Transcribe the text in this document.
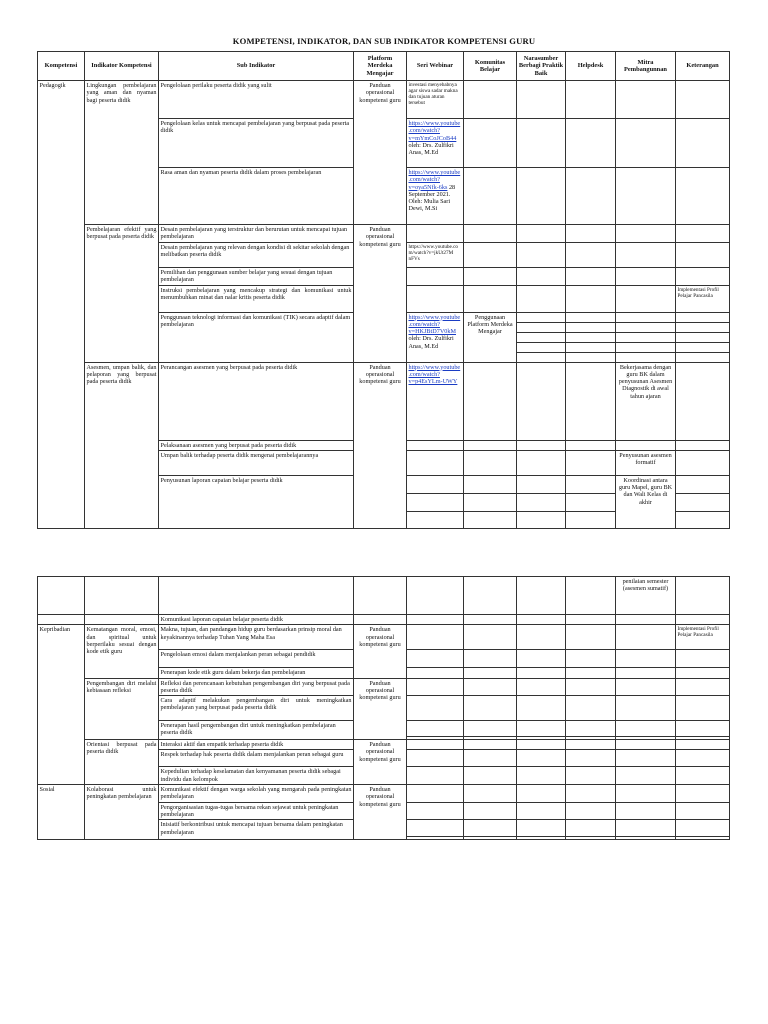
KOMPETENSI, INDIKATOR, DAN SUB INDIKATOR KOMPETENSI GURU
Kompetensi	Indikator Kompetensi	Sub Indikator	Platform Merdeka Mengajar	Seri Webinar	Komunitas Belajar	Narasumber Berbagi Praktik Baik	Helpdesk	Mitra Pembangunnan	Keterangan
Pedagogik	Lingkungan pembelajaran yang aman dan nyaman bagi peserta didik	Pengelolaan perilaku peserta didik yang sulit	Panduan operasional kompetensi guru	investasi menyebabnya agar siswa sadar makna dan tujuan aturan tersebut					
		Pengelolaan kelas untuk mencapai pembelajaran yang berpusat pada peserta didik		https://www.youtube.com/watch?v=mYmCoJCoB44 oleh: Drs. Zulfikri Anas, M.Ed					
		Rasa aman dan nyaman peserta didik dalam proses pembelajaran		https://www.youtube.com/watch?v=oya5Nfk-6ks 28 September 2021. Oleh: Mulia Sari Dewi, M.Si					
	Pembelajaran efektif yang berpusat pada peserta didik	Desain pembelajaran yang terstruktur dan berurutan untuk mencapai tujuan pembelajaran	Panduan operasional kompetensi guru						
		Desain pembelajaran yang relevan dengan kondisi di sekitar sekolah dengan melibatkan peserta didik		https://www.youtube.com/watch?v=jkUt27M nFVs					
		Pemilihan dan penggunaan sumber belajar yang sesuai dengan tujuan pembelajaran							
		Instruksi pembelajaran yang mencakup strategi dan komunikasi untuk menumbuhkan minat dan nalar kritis peserta didik							Implementasi Profil Pelajar Pancasila
		Penggunaan teknologi informasi dan komunikasi (TIK) secara adaptif dalam pembelajaran		https://www.youtube.com/watch?v=HKJBtD7V0kM oleh: Drs. Zulfikri Anas, M.Ed	Penggunaan Platform Merdeka Mengajar				

	Asesmen, umpan balik, dan pelaporan yang berpusat pada peserta didik	Perancangan asesmen yang berpusat pada peserta didik	Panduan operasional kompetensi guru	https://www.youtube.com/watch?v=p4EsYLm-UWY				Bekerjasama dengan guru BK dalam penyusunan Asesmen Diagnostik di awal tahun ajaran	
		Pelaksanaan asesmen yang berpusat pada peserta didik							
		Umpan balik terhadap peserta didik mengenai pembelajarannya						Penyusunan asesmen formatif	
		Penyusunan laporan capaian belajar peserta didik						Koordinasi antara guru Mapel, guru BK dan Wali Kelas di akhir	

								penilaian semester (asesmen sumatif)	
		Komunikasi laporan capaian belajar peserta didik							
Kepribadian	Kematangan moral, emosi, dan spiritual untuk berperilaku sesuai dengan kode etik guru	Makna, tujuan, dan pandangan hidup guru berdasarkan prinsip moral dan keyakinannya terhadap Tuhan Yang Maha Esa	Panduan operasional kompetensi guru						Implementasi Profil Pelajar Pancasila
		Pengelolaan emosi dalam menjalankan peran sebagai pendidik							
		Penerapan kode etik guru dalam bekerja dan pembelajaran							
	Pengembangan diri melalui kebiasaan refleksi	Refleksi dan perencanaan kebutuhan pengembangan diri yang berpusat pada peserta didik	Panduan operasional kompetensi guru						
		Cara adaptif melakukan pengembangan diri untuk meningkatkan pembelajaran yang berpusat pada peserta didik							
		Penerapan hasil pengembangan diri untuk meningkatkan pembelajaran peserta didik							

	Orientasi berpusat pada peserta didik	Interaksi aktif dan empatik terhadap peserta didik	Panduan operasional kompetensi guru						
		Respek terhadap hak peserta didik dalam menjalankan peran sebagai guru							
		Kepedulian terhadap keselamatan dan kenyamanan peserta didik sebagai individu dan kelompok							
Sosial	Kolaborasi untuk peningkatan pembelajaran	Komunikasi efektif dengan warga sekolah yang mengarah pada peningkatan pembelajaran	Panduan operasional kompetensi guru						
		Pengorganisasian tugas-tugas bersama rekan sejawat untuk peningkatan pembelajaran							
		Inisiatif berkontribusi untuk mencapai tujuan bersama dalam peningkatan pembelajaran							
